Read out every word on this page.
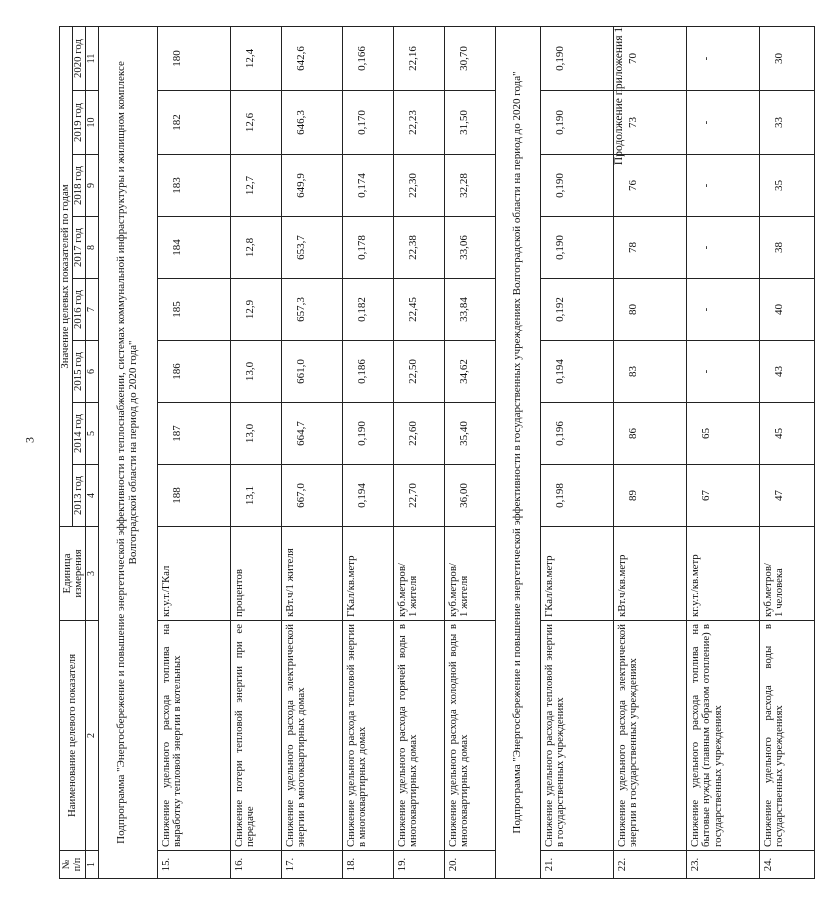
3
Продолжение приложения 1
№
п/п	Наименование целевого показателя	Единица
измерения	Значение целевых показателей по годам							
			2013 год	2014 год	2015 год	2016 год	2017 год	2018 год	2019 год	2020 год
1	2	3	4	5	6	7	8	9	10	11
Подпрограмма "Энергосбережение и повышение энергетической эффективности в теплоснабжении, системах коммунальной инфраструктуры и жилищном комплексе Волгоградской области на период до 2020 года"										
15.	Снижение удельного расхода топлива на выработку тепловой энергии в котельных	кг.у.т./ГКал	188	187	186	185	184	183	182	180
16.	Снижение потери тепловой энергии при ее передаче	процентов	13,1	13,0	13,0	12,9	12,8	12,7	12,6	12,4
17.	Снижение удельного расхода электрической энергии в многоквартирных домах	кВт.ч/1 жителя	667,0	664,7	661,0	657,3	653,7	649,9	646,3	642,6
18.	Снижение удельного расхода тепловой энергии в многоквартирных домах	ГКал/кв.метр	0,194	0,190	0,186	0,182	0,178	0,174	0,170	0,166
19.	Снижение удельного расхода горячей воды в многоквартирных домах	куб.метров/
1 жителя	22,70	22,60	22,50	22,45	22,38	22,30	22,23	22,16
20.	Снижение удельного расхода холодной воды в многоквартирных домах	куб.метров/
1 жителя	36,00	35,40	34,62	33,84	33,06	32,28	31,50	30,70
Подпрограмма "Энергосбережение и повышение энергетической эффективности в государственных учреждениях Волгоградской области на период до 2020 года"										
21.	Снижение удельного расхода тепловой энергии в государственных учреждениях	ГКал/кв.метр	0,198	0,196	0,194	0,192	0,190	0,190	0,190	0,190
22.	Снижение удельного расхода электрической энергии в государственных учреждениях	кВт.ч/кв.метр	89	86	83	80	78	76	73	70
23.	Снижение удельного расхода топлива на бытовые нужды (главным образом отопление) в государственных учреждениях	кг.у.т./кв.метр	67	65	-	-	-	-	-	-
24.	Снижение удельного расхода воды в государственных учреждениях	куб.метров/
1 человека	47	45	43	40	38	35	33	30
